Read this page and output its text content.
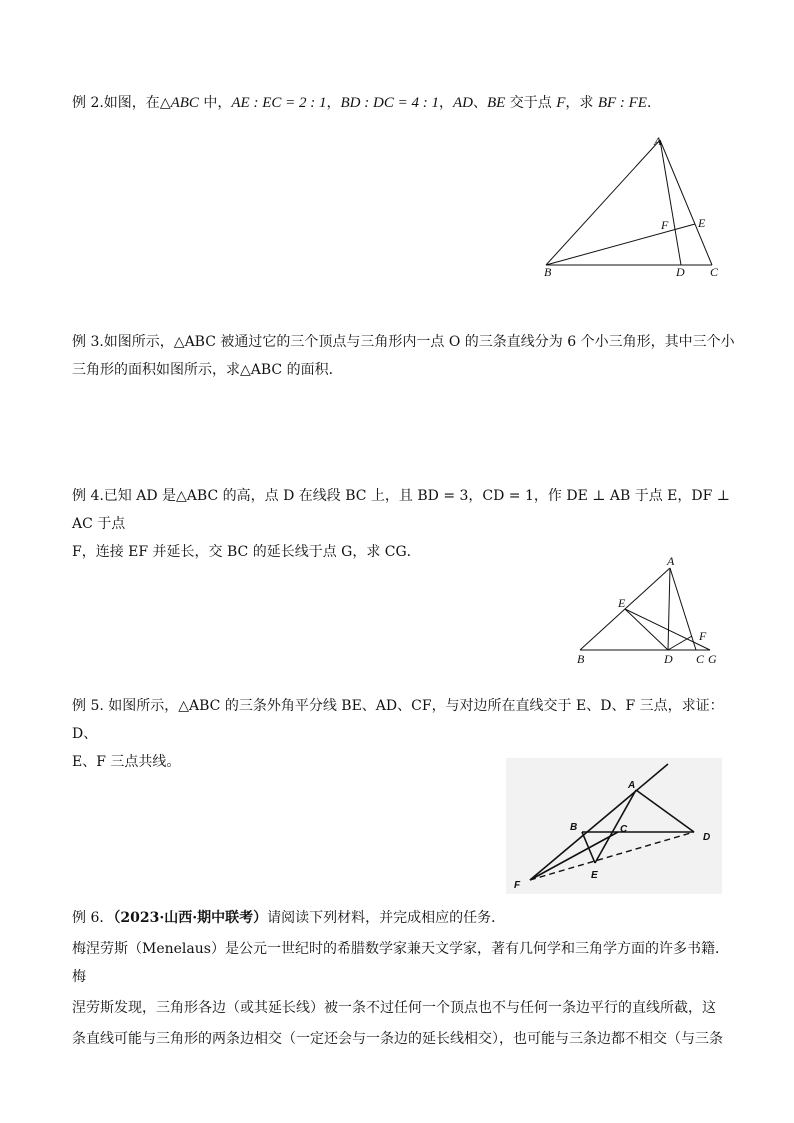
例 2.如图，在△ABC 中，AE : EC = 2 : 1，BD : DC = 4 : 1，AD、BE 交于点 F，求 BF : FE．
A
B	C
D
E
F
例 3.如图所示，△ABC 被通过它的三个顶点与三角形内一点 O 的三条直线分为 6 个小三角形，其中三个小
三角形的面积如图所示，求△ABC 的面积．
例 4.已知 AD 是△ABC 的高，点 D 在线段 BC 上，且 BD = 3，CD = 1，作 DE ⊥ AB 于点 E，DF ⊥ AC 于点
F，连接 EF 并延长，交 BC 的延长线于点 G，求 CG．
A
B	C
D
E
F
G
例 5. 如图所示，△ABC 的三条外角平分线 BE、AD、CF，与对边所在直线交于 E、D、F 三点，求证：D、
E、F 三点共线。
A
B	C
D
E
F
例 6．（2023·山西·期中联考）请阅读下列材料，并完成相应的任务．
梅涅劳斯（Menelaus）是公元一世纪时的希腊数学家兼天文学家，著有几何学和三角学方面的许多书籍．梅
涅劳斯发现，三角形各边（或其延长线）被一条不过任何一个顶点也不与任何一条边平行的直线所截，这
条直线可能与三角形的两条边相交（一定还会与一条边的延长线相交），也可能与三条边都不相交（与三条
